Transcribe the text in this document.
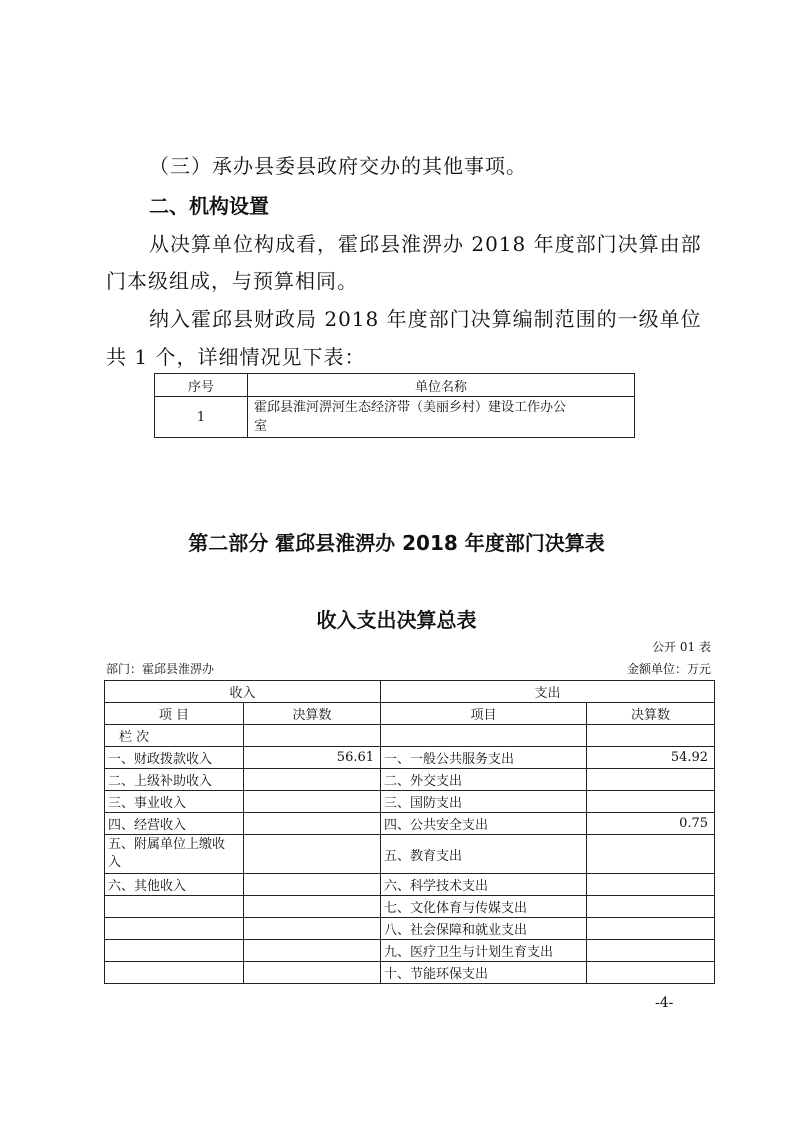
（三）承办县委县政府交办的其他事项。
二、机构设置
从决算单位构成看，霍邱县淮淠办 2018 年度部门决算由部
门本级组成，与预算相同。
纳入霍邱县财政局 2018 年度部门决算编制范围的一级单位
共 1 个，详细情况见下表：
序号	单位名称
1	霍邱县淮河淠河生态经济带（美丽乡村）建设工作办公
室
第二部分 霍邱县淮淠办 2018 年度部门决算表
收入支出决算总表
公开 01 表
部门：霍邱县淮淠办	金额单位：万元
收入		支出	
项 目	决算数	项目	决算数
栏 次			
一、财政拨款收入	56.61	一、一般公共服务支出	54.92
二、上级补助收入		二、外交支出	
三、事业收入		三、国防支出	
四、经营收入		四、公共安全支出	0.75
五、附属单位上缴收入		五、教育支出	
六、其他收入		六、科学技术支出	
		七、文化体育与传媒支出	
		八、社会保障和就业支出	
		九、医疗卫生与计划生育支出	
		十、节能环保支出	
-4-
